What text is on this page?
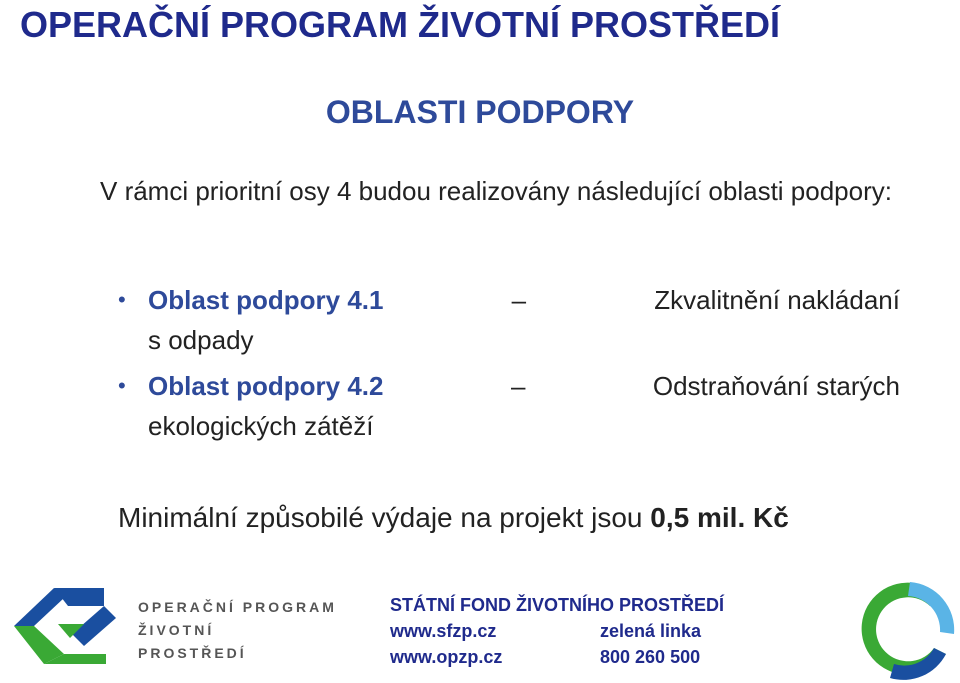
OPERAČNÍ PROGRAM ŽIVOTNÍ PROSTŘEDÍ
OBLASTI PODPORY
V rámci prioritní osy 4 budou realizovány následující oblasti podpory:
• Oblast podpory 4.1	–	Zkvalitnění nakládaní
s odpady
• Oblast podpory 4.2	–	Odstraňování starých
ekologických zátěží
Minimální způsobilé výdaje na projekt jsou 0,5 mil. Kč
OPERAČNÍ PROGRAM
ŽIVOTNÍ
PROSTŘEDÍ
STÁTNÍ FOND ŽIVOTNÍHO PROSTŘEDÍ
www.sfzp.cz	zelená linka
www.opzp.cz	800 260 500
